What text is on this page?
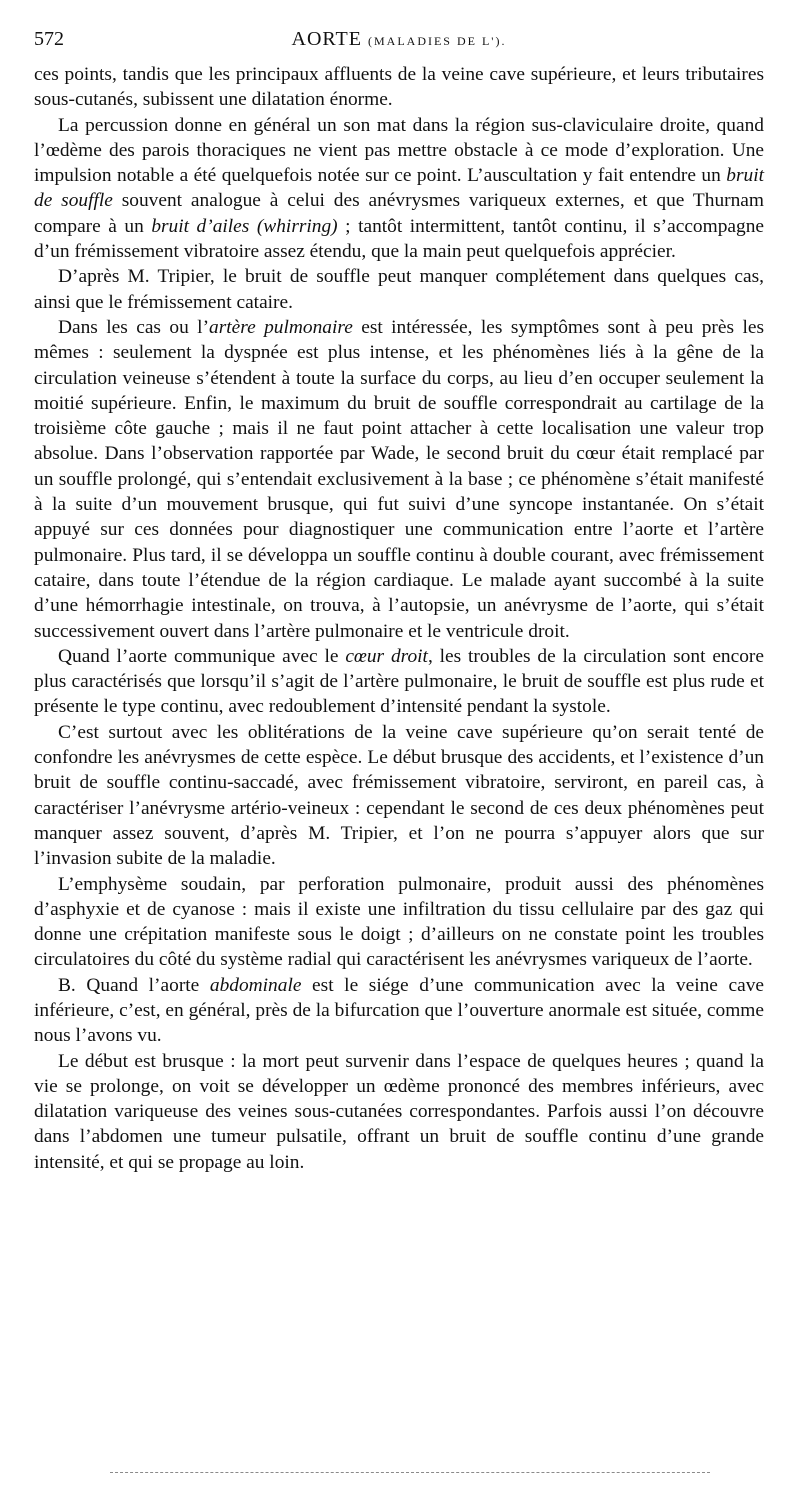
572	AORTE (MALADIES DE L').

ces points, tandis que les principaux affluents de la veine cave supérieure, et leurs tributaires sous-cutanés, subissent une dilatation énorme.

La percussion donne en général un son mat dans la région sus-claviculaire droite, quand l’œdème des parois thoraciques ne vient pas mettre obstacle à ce mode d’exploration. Une impulsion notable a été quelquefois notée sur ce point. L’auscultation y fait entendre un bruit de souffle souvent analogue à celui des anévrysmes variqueux externes, et que Thurnam compare à un bruit d’ailes (whirring) ; tantôt intermittent, tantôt continu, il s’accompagne d’un frémissement vibratoire assez étendu, que la main peut quelquefois apprécier.

D’après M. Tripier, le bruit de souffle peut manquer complétement dans quelques cas, ainsi que le frémissement cataire.

Dans les cas ou l’artère pulmonaire est intéressée, les symptômes sont à peu près les mêmes : seulement la dyspnée est plus intense, et les phénomènes liés à la gêne de la circulation veineuse s’étendent à toute la surface du corps, au lieu d’en occuper seulement la moitié supérieure. Enfin, le maximum du bruit de souffle correspondrait au cartilage de la troisième côte gauche ; mais il ne faut point attacher à cette localisation une valeur trop absolue. Dans l’observation rapportée par Wade, le second bruit du cœur était remplacé par un souffle prolongé, qui s’entendait exclusivement à la base ; ce phénomène s’était manifesté à la suite d’un mouvement brusque, qui fut suivi d’une syncope instantanée. On s’était appuyé sur ces données pour diagnostiquer une communication entre l’aorte et l’artère pulmonaire. Plus tard, il se développa un souffle continu à double courant, avec frémissement cataire, dans toute l’étendue de la région cardiaque. Le malade ayant succombé à la suite d’une hémorrhagie intestinale, on trouva, à l’autopsie, un anévrysme de l’aorte, qui s’était successivement ouvert dans l’artère pulmonaire et le ventricule droit.

Quand l’aorte communique avec le cœur droit, les troubles de la circulation sont encore plus caractérisés que lorsqu’il s’agit de l’artère pulmonaire, le bruit de souffle est plus rude et présente le type continu, avec redoublement d’intensité pendant la systole.

C’est surtout avec les oblitérations de la veine cave supérieure qu’on serait tenté de confondre les anévrysmes de cette espèce. Le début brusque des accidents, et l’existence d’un bruit de souffle continu-saccadé, avec frémissement vibratoire, serviront, en pareil cas, à caractériser l’anévrysme artério-veineux : cependant le second de ces deux phénomènes peut manquer assez souvent, d’après M. Tripier, et l’on ne pourra s’appuyer alors que sur l’invasion subite de la maladie.

L’emphysème soudain, par perforation pulmonaire, produit aussi des phénomènes d’asphyxie et de cyanose : mais il existe une infiltration du tissu cellulaire par des gaz qui donne une crépitation manifeste sous le doigt ; d’ailleurs on ne constate point les troubles circulatoires du côté du système radial qui caractérisent les anévrysmes variqueux de l’aorte.

B. Quand l’aorte abdominale est le siége d’une communication avec la veine cave inférieure, c’est, en général, près de la bifurcation que l’ouverture anormale est située, comme nous l’avons vu.

Le début est brusque : la mort peut survenir dans l’espace de quelques heures ; quand la vie se prolonge, on voit se développer un œdème prononcé des membres inférieurs, avec dilatation variqueuse des veines sous-cutanées correspondantes. Parfois aussi l’on découvre dans l’abdomen une tumeur pulsatile, offrant un bruit de souffle continu d’une grande intensité, et qui se propage au loin.
